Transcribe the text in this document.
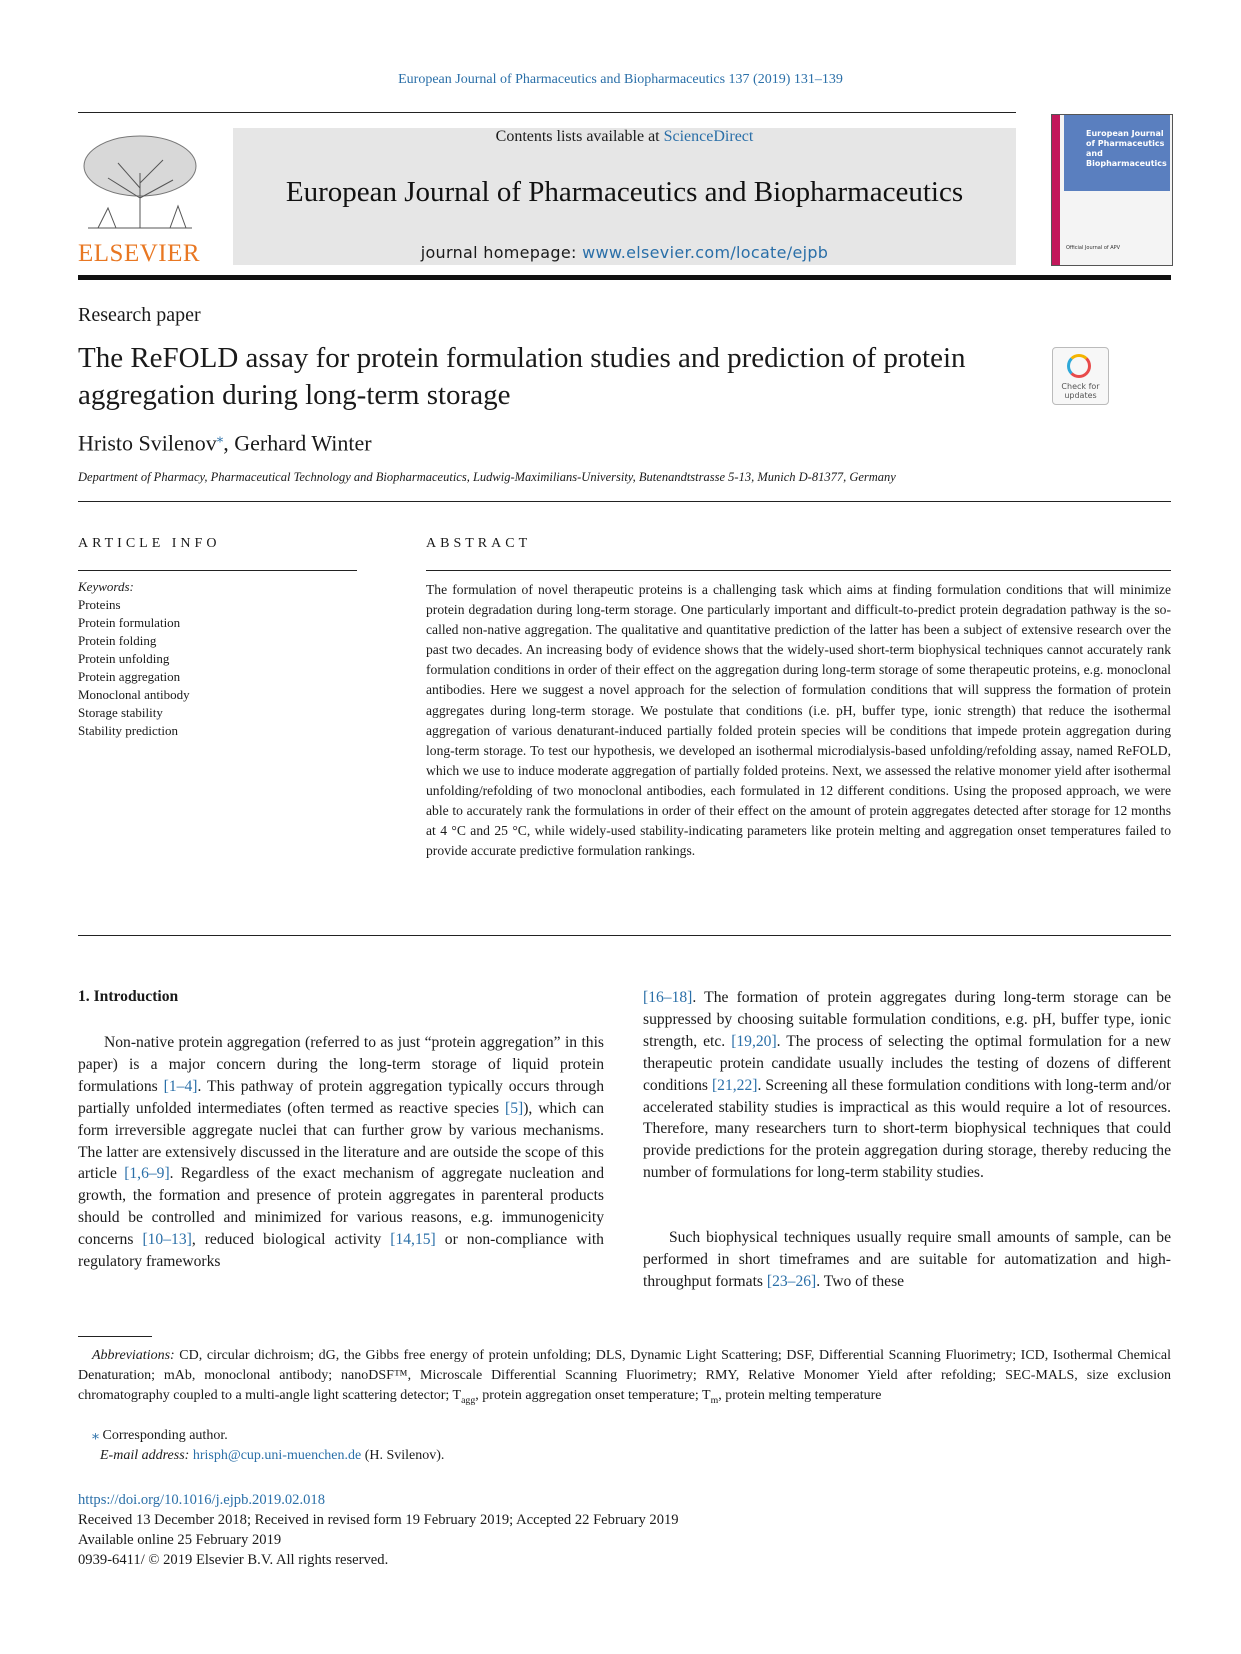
European Journal of Pharmaceutics and Biopharmaceutics 137 (2019) 131–139
ELSEVIER
Contents lists available at ScienceDirect
European Journal of Pharmaceutics and Biopharmaceutics
journal homepage: www.elsevier.com/locate/ejpb
European Journal of Pharmaceutics and Biopharmaceutics
Official Journal of APV
Research paper
The ReFOLD assay for protein formulation studies and prediction of protein aggregation during long-term storage	Check for updates
Hristo Svilenov⁎, Gerhard Winter
Department of Pharmacy, Pharmaceutical Technology and Biopharmaceutics, Ludwig-Maximilians-University, Butenandtstrasse 5-13, Munich D-81377, Germany
ARTICLE INFO
Keywords:
Proteins
Protein formulation
Protein folding
Protein unfolding
Protein aggregation
Monoclonal antibody
Storage stability
Stability prediction
ABSTRACT
The formulation of novel therapeutic proteins is a challenging task which aims at finding formulation conditions that will minimize protein degradation during long-term storage. One particularly important and difficult-to-predict protein degradation pathway is the so-called non-native aggregation. The qualitative and quantitative prediction of the latter has been a subject of extensive research over the past two decades. An increasing body of evidence shows that the widely-used short-term biophysical techniques cannot accurately rank formulation conditions in order of their effect on the aggregation during long-term storage of some therapeutic proteins, e.g. monoclonal antibodies. Here we suggest a novel approach for the selection of formulation conditions that will suppress the formation of protein aggregates during long-term storage. We postulate that conditions (i.e. pH, buffer type, ionic strength) that reduce the isothermal aggregation of various denaturant-induced partially folded protein species will be conditions that impede protein aggregation during long-term storage. To test our hypothesis, we developed an isothermal microdialysis-based unfolding/refolding assay, named ReFOLD, which we use to induce moderate aggregation of partially folded proteins. Next, we assessed the relative monomer yield after isothermal unfolding/refolding of two monoclonal antibodies, each formulated in 12 different conditions. Using the proposed approach, we were able to accurately rank the formulations in order of their effect on the amount of protein aggregates detected after storage for 12 months at 4 °C and 25 °C, while widely-used stability-indicating parameters like protein melting and aggregation onset temperatures failed to provide accurate predictive formulation rankings.
1. Introduction
Non-native protein aggregation (referred to as just “protein aggregation” in this paper) is a major concern during the long-term storage of liquid protein formulations [1–4]. This pathway of protein aggregation typically occurs through partially unfolded intermediates (often termed as reactive species [5]), which can form irreversible aggregate nuclei that can further grow by various mechanisms. The latter are extensively discussed in the literature and are outside the scope of this article [1,6–9]. Regardless of the exact mechanism of aggregate nucleation and growth, the formation and presence of protein aggregates in parenteral products should be controlled and minimized for various reasons, e.g. immunogenicity concerns [10–13], reduced biological activity [14,15] or non-compliance with regulatory frameworks
[16–18]. The formation of protein aggregates during long-term storage can be suppressed by choosing suitable formulation conditions, e.g. pH, buffer type, ionic strength, etc. [19,20]. The process of selecting the optimal formulation for a new therapeutic protein candidate usually includes the testing of dozens of different conditions [21,22]. Screening all these formulation conditions with long-term and/or accelerated stability studies is impractical as this would require a lot of resources. Therefore, many researchers turn to short-term biophysical techniques that could provide predictions for the protein aggregation during storage, thereby reducing the number of formulations for long-term stability studies.
Such biophysical techniques usually require small amounts of sample, can be performed in short timeframes and are suitable for automatization and high-throughput formats [23–26]. Two of these
Abbreviations: CD, circular dichroism; dG, the Gibbs free energy of protein unfolding; DLS, Dynamic Light Scattering; DSF, Differential Scanning Fluorimetry; ICD, Isothermal Chemical Denaturation; mAb, monoclonal antibody; nanoDSF™, Microscale Differential Scanning Fluorimetry; RMY, Relative Monomer Yield after refolding; SEC-MALS, size exclusion chromatography coupled to a multi-angle light scattering detector; $T_{agg}$, protein aggregation onset temperature; $T_m$, protein melting temperature
⁎ Corresponding author.
E-mail address: hrisph@cup.uni-muenchen.de (H. Svilenov).
https://doi.org/10.1016/j.ejpb.2019.02.018
Received 13 December 2018; Received in revised form 19 February 2019; Accepted 22 February 2019
Available online 25 February 2019
0939-6411/ © 2019 Elsevier B.V. All rights reserved.
